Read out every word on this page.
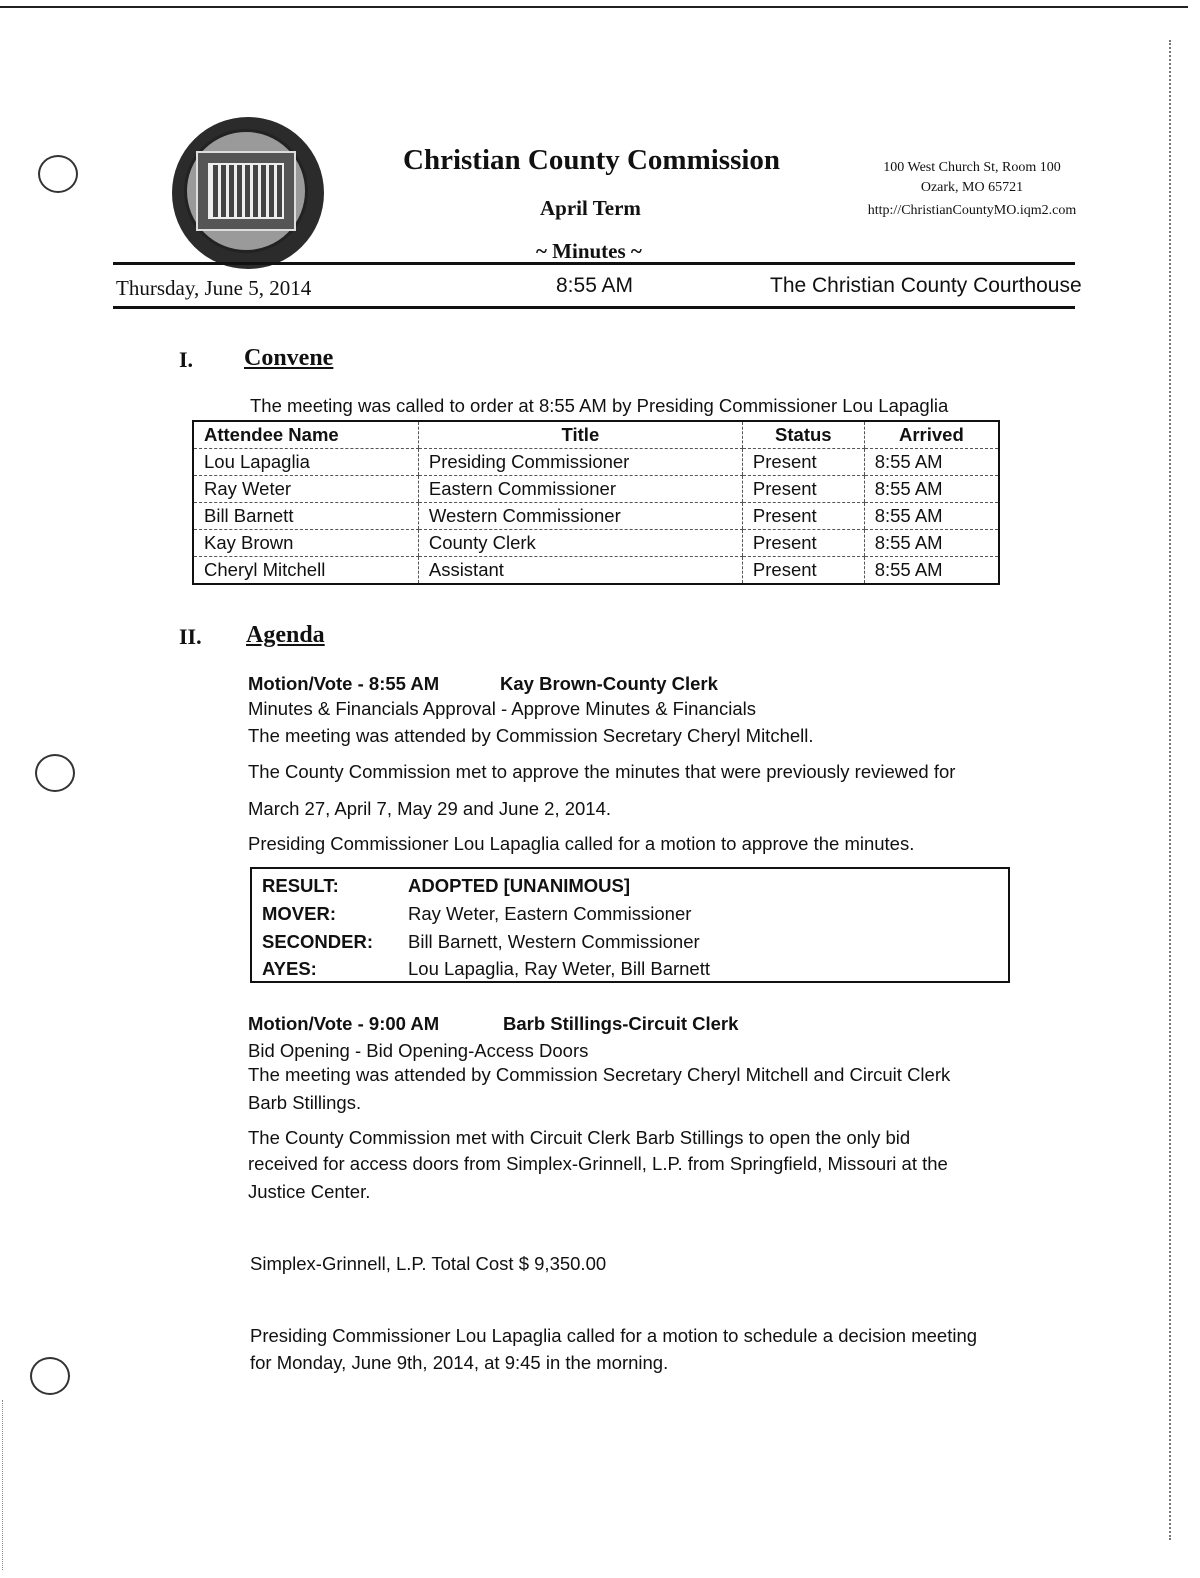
Christian County Commission
April Term
~ Minutes ~
100 West Church St, Room 100
Ozark, MO 65721
http://ChristianCountyMO.iqm2.com
Thursday, June 5, 2014	8:55 AM	The Christian County Courthouse
I. Convene
The meeting was called to order at 8:55 AM by Presiding Commissioner Lou Lapaglia
Attendee Name	Title	Status	Arrived
Lou Lapaglia	Presiding Commissioner	Present	8:55 AM
Ray Weter	Eastern Commissioner	Present	8:55 AM
Bill Barnett	Western Commissioner	Present	8:55 AM
Kay Brown	County Clerk	Present	8:55 AM
Cheryl Mitchell	Assistant	Present	8:55 AM
II. Agenda
Motion/Vote - 8:55 AM	Kay Brown-County Clerk
Minutes & Financials Approval - Approve Minutes & Financials
The meeting was attended by Commission Secretary Cheryl Mitchell.
The County Commission met to approve the minutes that were previously reviewed for
March 27, April 7, May 29 and June 2, 2014.
Presiding Commissioner Lou Lapaglia called for a motion to approve the minutes.
RESULT:	ADOPTED [UNANIMOUS]
MOVER:	Ray Weter, Eastern Commissioner
SECONDER: Bill Barnett, Western Commissioner
AYES:	Lou Lapaglia, Ray Weter, Bill Barnett
Motion/Vote - 9:00 AM	Barb Stillings-Circuit Clerk
Bid Opening - Bid Opening-Access Doors
The meeting was attended by Commission Secretary Cheryl Mitchell and Circuit Clerk
Barb Stillings.
The County Commission met with Circuit Clerk Barb Stillings to open the only bid
received for access doors from Simplex-Grinnell, L.P. from Springfield, Missouri at the
Justice Center.
Simplex-Grinnell, L.P. Total Cost $ 9,350.00
Presiding Commissioner Lou Lapaglia called for a motion to schedule a decision meeting
for Monday, June 9th, 2014, at 9:45 in the morning.
